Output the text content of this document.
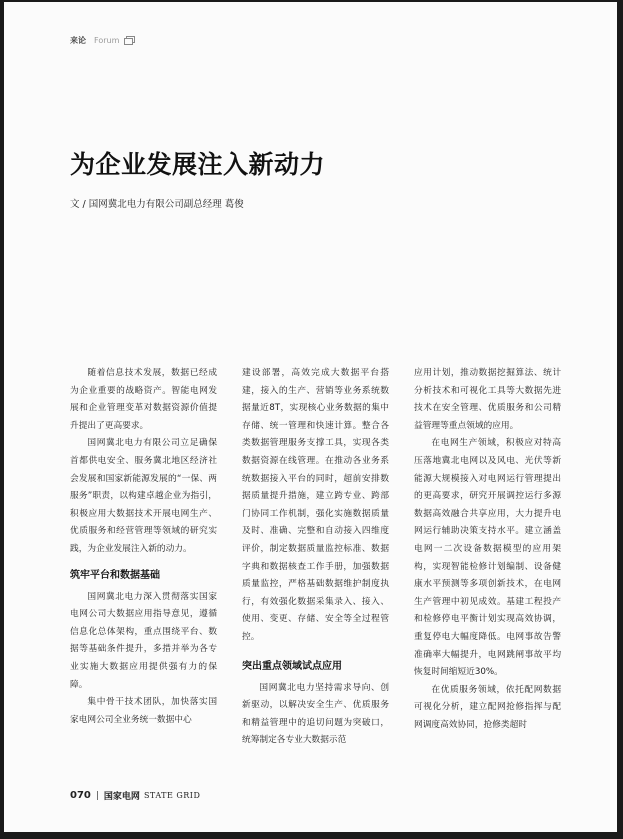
来论 Forum
为企业发展注入新动力
文 / 国网冀北电力有限公司副总经理 葛俊

随着信息技术发展，数据已经成为企业重要的战略资产。智能电网发展和企业管理变革对数据资源价值提升提出了更高要求。

国网冀北电力有限公司立足确保首都供电安全、服务冀北地区经济社会发展和国家新能源发展的“一保、两服务”职责，以构建卓越企业为指引，积极应用大数据技术开展电网生产、优质服务和经营管理等领域的研究实践，为企业发展注入新的动力。

筑牢平台和数据基础

国网冀北电力深入贯彻落实国家电网公司大数据应用指导意见，遵循信息化总体架构，重点围绕平台、数据等基础条件提升，多措并举为各专业实施大数据应用提供强有力的保障。

集中骨干技术团队，加快落实国家电网公司全业务统一数据中心

建设部署，高效完成大数据平台搭建，接入的生产、营销等业务系统数据量近8T，实现核心业务数据的集中存储、统一管理和快速计算。整合各类数据管理服务支撑工具，实现各类数据资源在线管理。在推动各业务系统数据接入平台的同时，超前安排数据质量提升措施，建立跨专业、跨部门协同工作机制，强化实施数据质量及时、准确、完整和自动接入四维度评价，制定数据质量监控标准、数据字典和数据核查工作手册，加强数据质量监控，严格基础数据维护制度执行，有效强化数据采集录入、接入、使用、变更、存储、安全等全过程管控。

突出重点领域试点应用

国网冀北电力坚持需求导向、创新驱动，以解决安全生产、优质服务和精益管理中的追切问题为突破口，统筹制定各专业大数据示范

应用计划，推动数据挖掘算法、统计分析技术和可视化工具等大数据先进技术在安全管理、优质服务和公司精益管理等重点领域的应用。

在电网生产领域，积极应对特高压落地冀北电网以及风电、光伏等新能源大规模接入对电网运行管理提出的更高要求，研究开展调控运行多源数据高效融合共享应用，大力提升电网运行辅助决策支持水平。建立涵盖电网一二次设备数据模型的应用架构，实现智能检修计划编制、设备健康水平预测等多项创新技术，在电网生产管理中初见成效。基建工程投产和检修停电平衡计划实现高效协调，重复停电大幅度降低。电网事故告警准确率大幅提升，电网跳闸事故平均恢复时间缩短近30%。

在优质服务领域，依托配网数据可视化分析，建立配网抢修指挥与配网调度高效协同，抢修类超时

070 | 国家电网 STATE GRID
